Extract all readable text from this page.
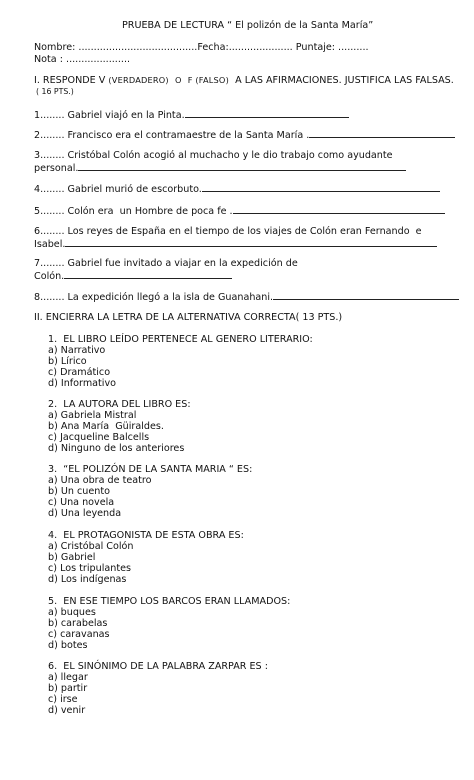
PRUEBA DE LECTURA “ El polizón de la Santa María”
Nombre: .......................................Fecha:..................... Puntaje: ..........
Nota : .....................
I. RESPONDE V (VERDADERO) O F (FALSO) A LAS AFIRMACIONES. JUSTIFICA LAS FALSAS.
( 16 PTS.)
1........ Gabriel viajó en la Pinta.
2........ Francisco era el contramaestre de la Santa María .
3........ Cristóbal Colón acogió al muchacho y le dio trabajo como ayudante
personal.
4........ Gabriel murió de escorbuto.
5........ Colón era  un Hombre de poca fe .
6........ Los reyes de España en el tiempo de los viajes de Colón eran Fernando  e
Isabel.
7........ Gabriel fue invitado a viajar en la expedición de
Colón.
8........ La expedición llegó a la isla de Guanahani.
II. ENCIERRA LA LETRA DE LA ALTERNATIVA CORRECTA( 13 PTS.)
1.  EL LIBRO LEÍDO PERTENECE AL GENERO LITERARIO:
a) Narrativo
b) Lírico
c) Dramático
d) Informativo
2.  LA AUTORA DEL LIBRO ES:
a) Gabriela Mistral
b) Ana María  Güiraldes.
c) Jacqueline Balcells
d) Ninguno de los anteriores
3.  “EL POLIZÓN DE LA SANTA MARIA “ ES:
a) Una obra de teatro
b) Un cuento
c) Una novela
d) Una leyenda
4.  EL PROTAGONISTA DE ESTA OBRA ES:
a) Cristóbal Colón
b) Gabriel
c) Los tripulantes
d) Los indígenas
5.  EN ESE TIEMPO LOS BARCOS ERAN LLAMADOS:
a) buques
b) carabelas
c) caravanas
d) botes
6.  EL SINÓNIMO DE LA PALABRA ZARPAR ES :
a) llegar
b) partir
c) irse
d) venir
